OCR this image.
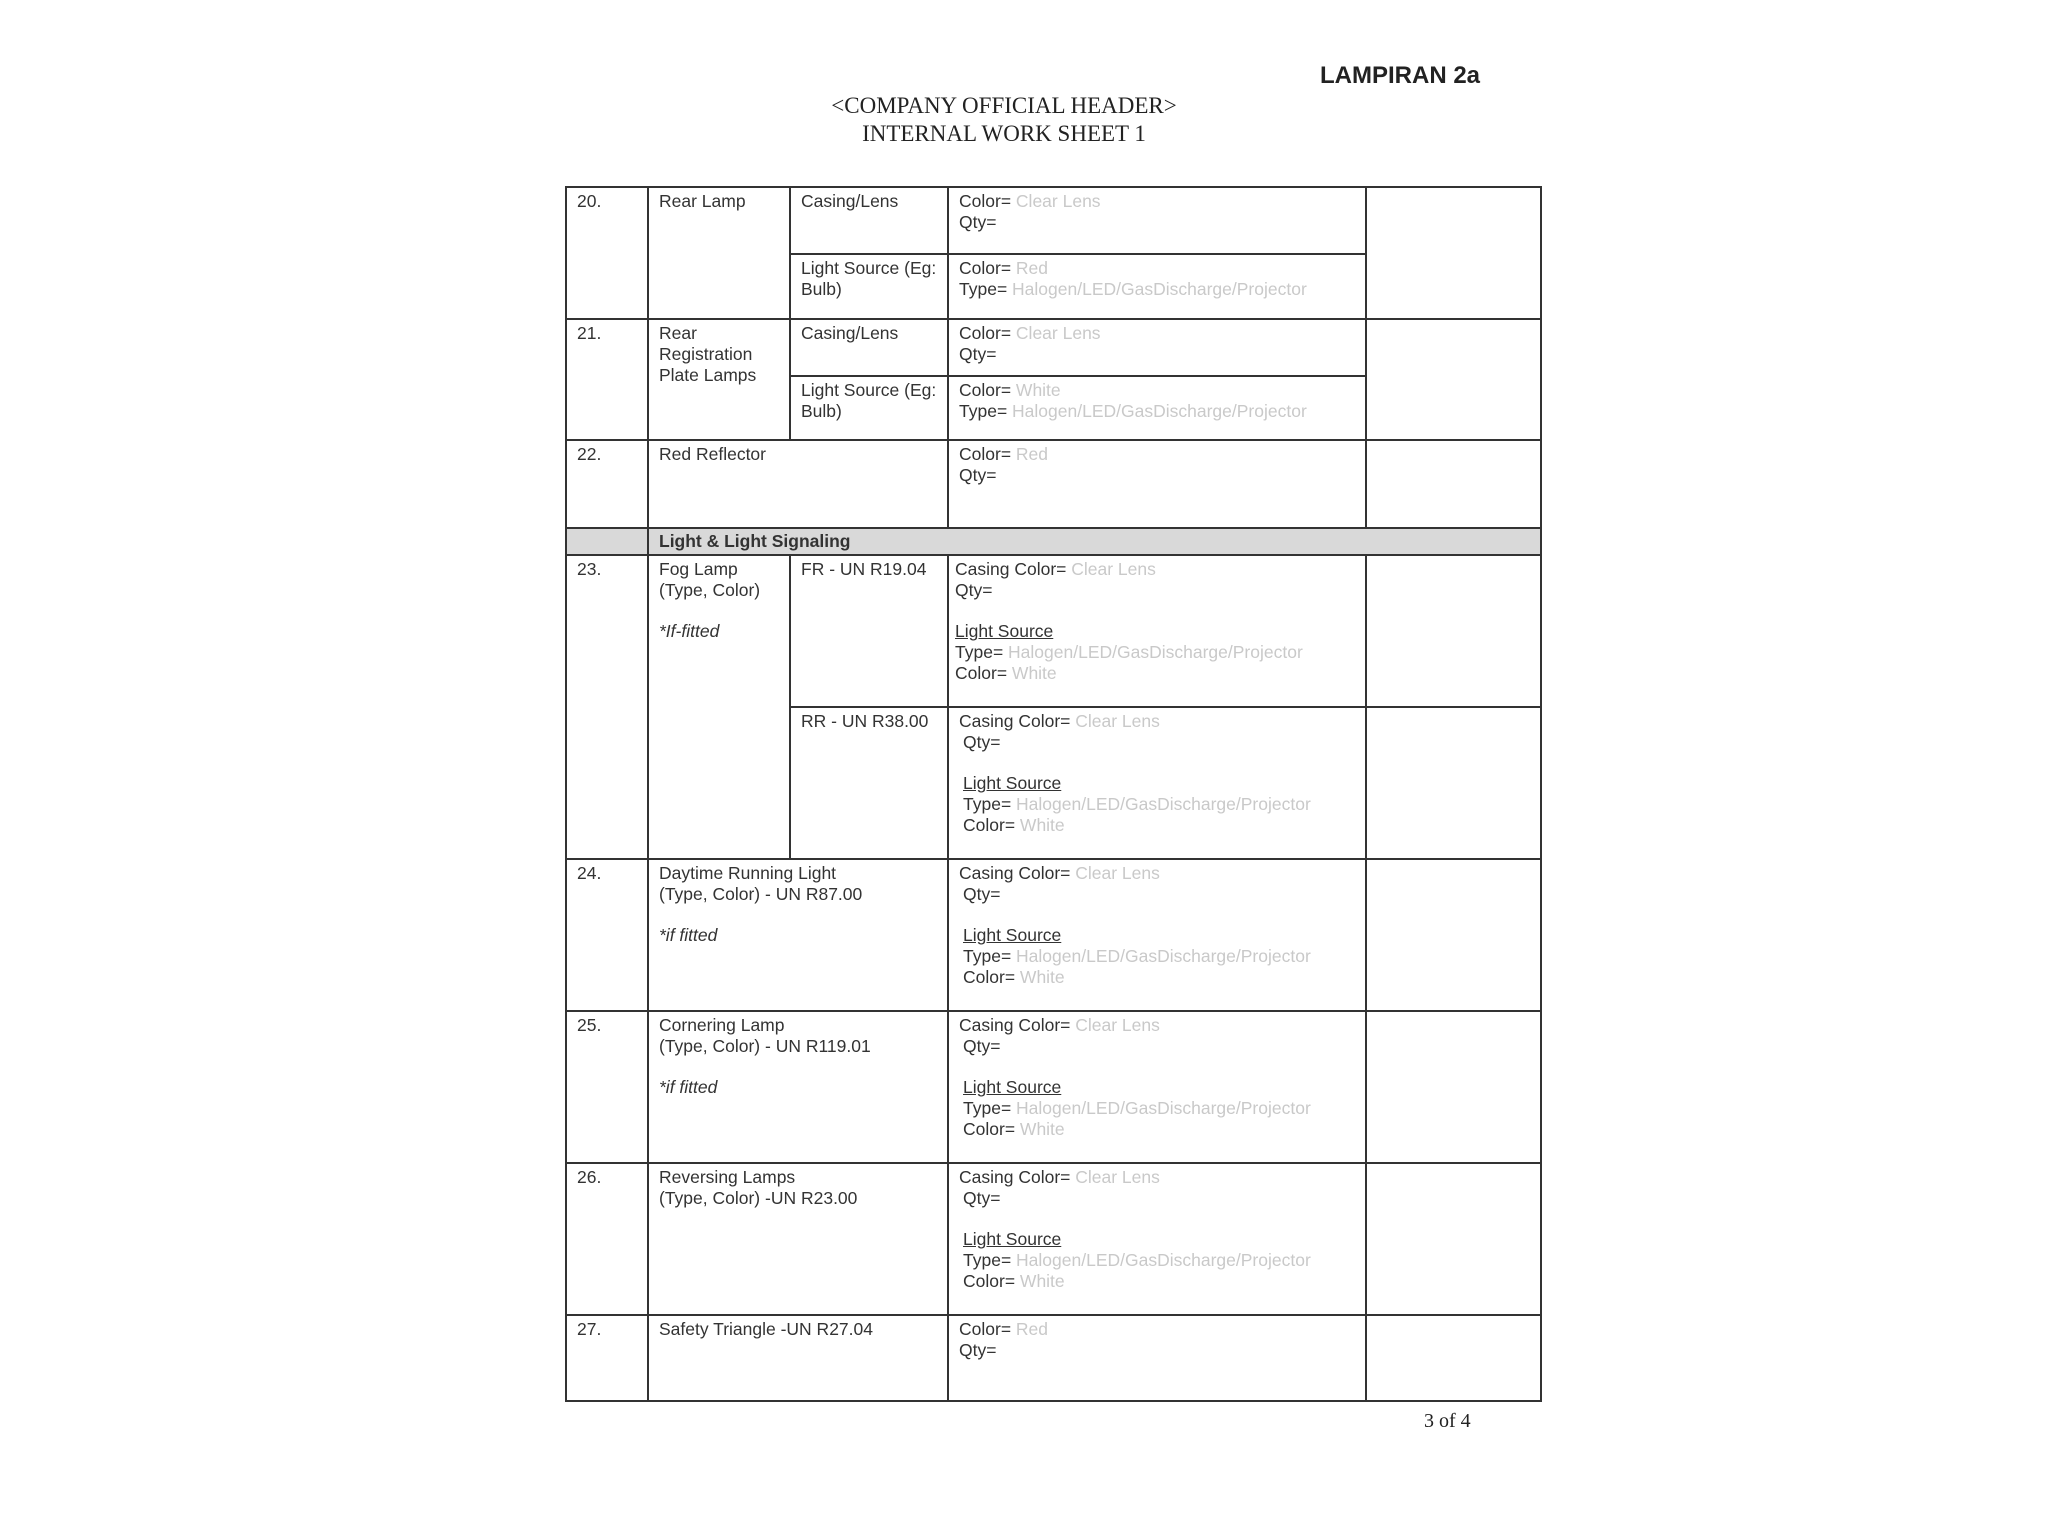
LAMPIRAN 2a
<COMPANY OFFICIAL HEADER>
INTERNAL WORK SHEET 1
20.	Rear Lamp	Casing/Lens	Color= Clear Lens
Qty=	

		Light Source (Eg: Bulb)	Color= Red
Type= Halogen/LED/GasDischarge/Projector	

21.	Rear Registration Plate Lamps	Casing/Lens	Color= Clear Lens
Qty=	

		Light Source (Eg: Bulb)	Color= White
Type= Halogen/LED/GasDischarge/Projector	

22.	Red Reflector		Color= Red
Qty=	

	Light & Light Signaling			
23.	Fog Lamp
(Type, Color)
*If-fitted	FR - UN R19.04	Casing Color= Clear Lens
Qty=
Light Source
Type= Halogen/LED/GasDischarge/Projector
Color= White	

		RR - UN R38.00	Casing Color= Clear Lens
Qty=
Light Source
Type= Halogen/LED/GasDischarge/Projector
Color= White	

24.	Daytime Running Light
(Type, Color) - UN R87.00
*if fitted		Casing Color= Clear Lens
Qty=
Light Source
Type= Halogen/LED/GasDischarge/Projector
Color= White	

25.	Cornering Lamp
(Type, Color) - UN R119.01
*if fitted		Casing Color= Clear Lens
Qty=
Light Source
Type= Halogen/LED/GasDischarge/Projector
Color= White	

26.	Reversing Lamps
(Type, Color) -UN R23.00		Casing Color= Clear Lens
Qty=
Light Source
Type= Halogen/LED/GasDischarge/Projector
Color= White	

27.	Safety Triangle -UN R27.04		Color= Red
Qty=	

3 of 4
